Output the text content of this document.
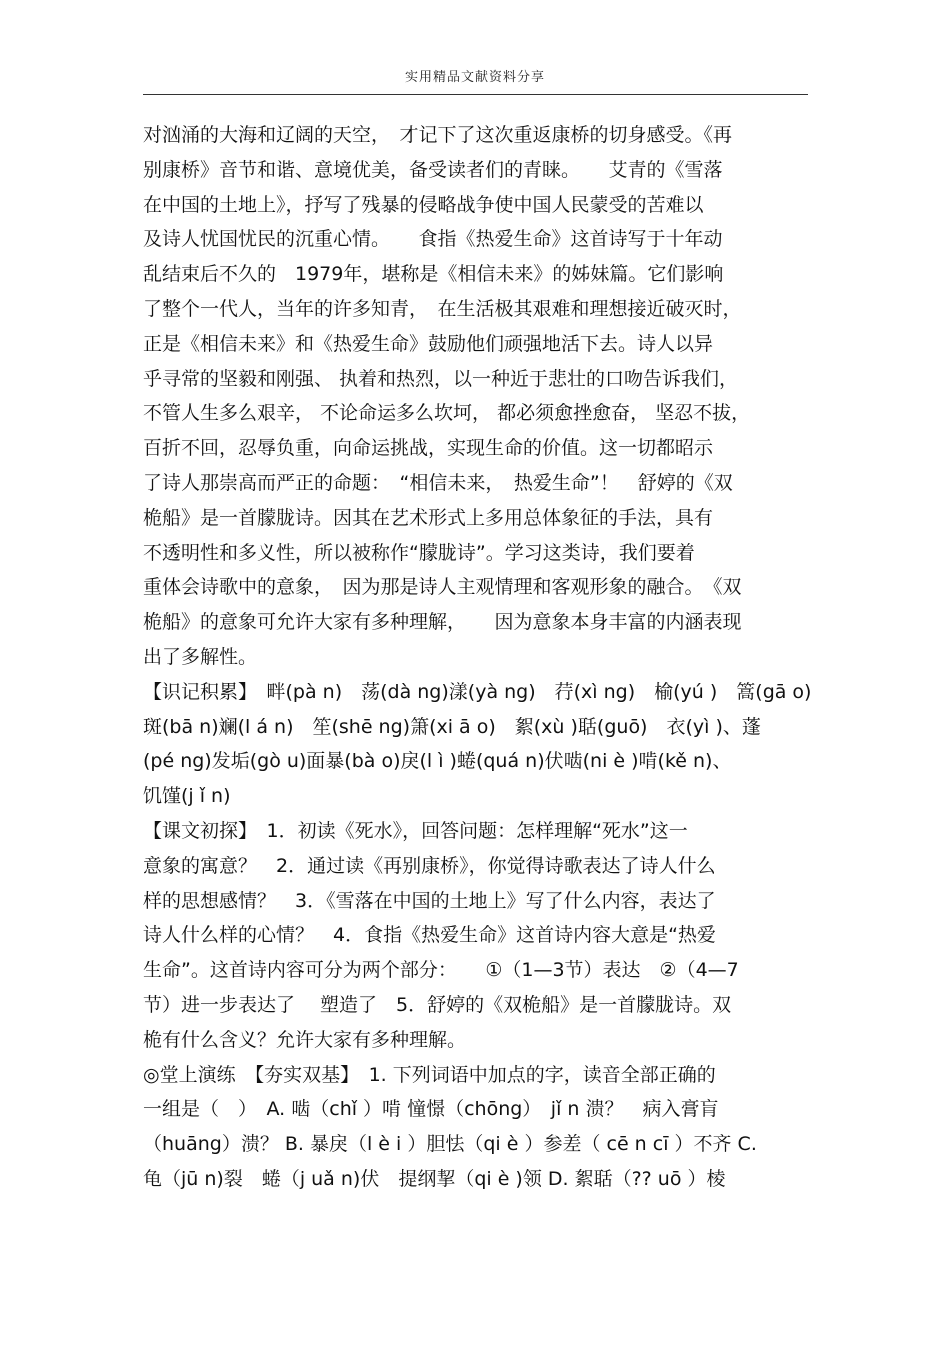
实用精品文献资料分享
对汹涌的大海和辽阔的天空，　才记下了这次重返康桥的切身感受。《再
别康桥》音节和谐、意境优美，备受读者们的青睐。　　艾青的《雪落
在中国的土地上》，抒写了残暴的侵略战争使中国人民蒙受的苦难以
及诗人忧国忧民的沉重心情。　　食指《热爱生命》这首诗写于十年动
乱结束后不久的　1979年，堪称是《相信未来》的姊妹篇。它们影响
了整个一代人，当年的许多知青，　在生活极其艰难和理想接近破灭时，
正是《相信未来》和《热爱生命》鼓励他们顽强地活下去。诗人以异
乎寻常的坚毅和刚强、 执着和热烈，以一种近于悲壮的口吻告诉我们，
不管人生多么艰辛， 不论命运多么坎坷， 都必须愈挫愈奋， 坚忍不拔，
百折不回，忍辱负重，向命运挑战，实现生命的价值。这一切都昭示
了诗人那崇高而严正的命题：　“相信未来，　热爱生命”！　舒婷的《双
桅船》是一首朦胧诗。因其在艺术形式上多用总体象征的手法，具有
不透明性和多义性，所以被称作“朦胧诗”。学习这类诗，我们要着
重体会诗歌中的意象，　因为那是诗人主观情理和客观形象的融合。　《双
桅船》的意象可允许大家有多种理解，　　因为意象本身丰富的内涵表现
出了多解性。
【识记积累】　畔(pà n)　荡(dà ng)漾(yà ng)　荇(xì ng)　榆(yú )　篙(gā o)
斑(bā n)斓(l á n)　笙(shē ng)箫(xi ā o)　絮(xù )聒(guō)　衣(yì )、蓬
(pé ng)发垢(gò u)面暴(bà o)戾(l ì )蜷(quá n)伏啮(ni è )啃(kě n)、
饥馑(j ǐ n)
【课文初探】　1．初读《死水》，回答问题：怎样理解“死水”这一
意象的寓意？　2．通过读《再别康桥》，你觉得诗歌表达了诗人什么
样的思想感情？　3．《雪落在中国的土地上》写了什么内容，表达了
诗人什么样的心情？　4．食指《热爱生命》这首诗内容大意是“热爱
生命”。这首诗内容可分为两个部分：　　①（1—3节）表达　②（4—7
节）进一步表达了　 塑造了　5．舒婷的《双桅船》是一首朦胧诗。双
桅有什么含义？允许大家有多种理解。
◎堂上演练　【夯实双基】　1. 下列词语中加点的字，读音全部正确的
一组是（　）　A. 啮（chǐ ）啃 憧憬（chōng）　jǐ n 溃？　病入膏肓
（huāng）溃？ B. 暴戾（l è i ）胆怯（qi è ）参差（ cē n cī ）不齐 C.
龟（jū n)裂　蜷（j uǎ n)伏　提纲挈（qi è )领 D. 絮聒（?? uō ）棱
